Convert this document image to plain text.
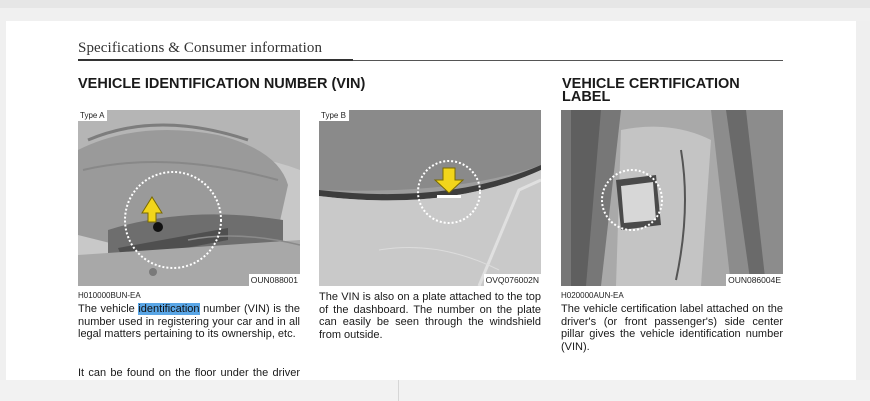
Specifications & Consumer information
VEHICLE IDENTIFICATION NUMBER (VIN)
Type A
OUN088001
Type B
OVQ076002N
VEHICLE CERTIFICATION
LABEL
OUN086004E
H010000BUN-EA
The vehicle identification number (VIN) is the number used in registering your car and in all legal matters pertaining to its ownership, etc.
It can be found on the floor under the driver
The VIN is also on a plate attached to the top of the dashboard. The number on the plate can easily be seen through the windshield from outside.
H020000AUN-EA
The vehicle certification label attached on the driver's (or front passenger's) side center pillar gives the vehicle identification number (VIN).
